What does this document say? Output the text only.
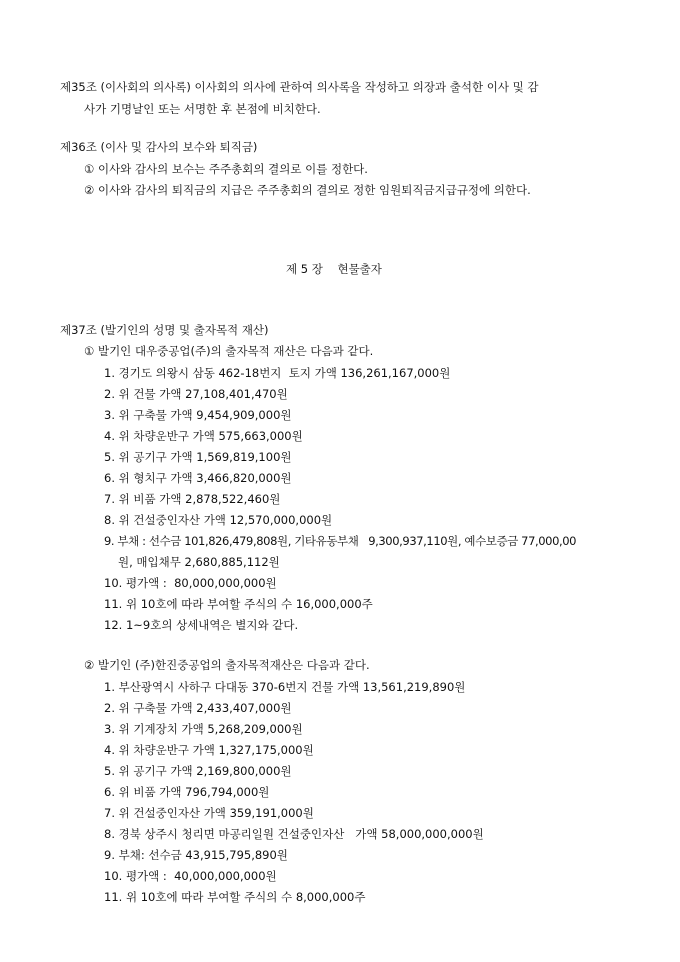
제35조 (이사회의 의사록) 이사회의 의사에 관하여 의사록을 작성하고 의장과 출석한 이사 및 감
사가 기명날인 또는 서명한 후 본점에 비치한다.
제36조 (이사 및 감사의 보수와 퇴직금)
① 이사와 감사의 보수는 주주총회의 결의로 이를 정한다.
② 이사와 감사의 퇴직금의 지급은 주주총회의 결의로 정한 임원퇴직금지급규정에 의한다.
제 5 장    현물출자
제37조 (발기인의 성명 및 출자목적 재산)
① 발기인 대우중공업(주)의 출자목적 재산은 다음과 같다.
1. 경기도 의왕시 삼동 462-18번지  토지 가액 136,261,167,000원
2. 위 건물 가액 27,108,401,470원
3. 위 구축물 가액 9,454,909,000원
4. 위 차량운반구 가액 575,663,000원
5. 위 공기구 가액 1,569,819,100원
6. 위 형치구 가액 3,466,820,000원
7. 위 비품 가액 2,878,522,460원
8. 위 건설중인자산 가액 12,570,000,000원
9. 부채 : 선수금 101,826,479,808원, 기타유동부채   9,300,937,110원, 예수보증금 77,000,00
원, 매입채무 2,680,885,112원
10. 평가액 :  80,000,000,000원
11. 위 10호에 따라 부여할 주식의 수 16,000,000주
12. 1~9호의 상세내역은 별지와 같다.
② 발기인 (주)한진중공업의 출자목적재산은 다음과 같다.
1. 부산광역시 사하구 다대동 370-6번지 건물 가액 13,561,219,890원
2. 위 구축물 가액 2,433,407,000원
3. 위 기계장치 가액 5,268,209,000원
4. 위 차량운반구 가액 1,327,175,000원
5. 위 공기구 가액 2,169,800,000원
6. 위 비품 가액 796,794,000원
7. 위 건설중인자산 가액 359,191,000원
8. 경북 상주시 청리면 마공리일원 건설중인자산   가액 58,000,000,000원
9. 부채: 선수금 43,915,795,890원
10. 평가액 :  40,000,000,000원
11. 위 10호에 따라 부여할 주식의 수 8,000,000주
